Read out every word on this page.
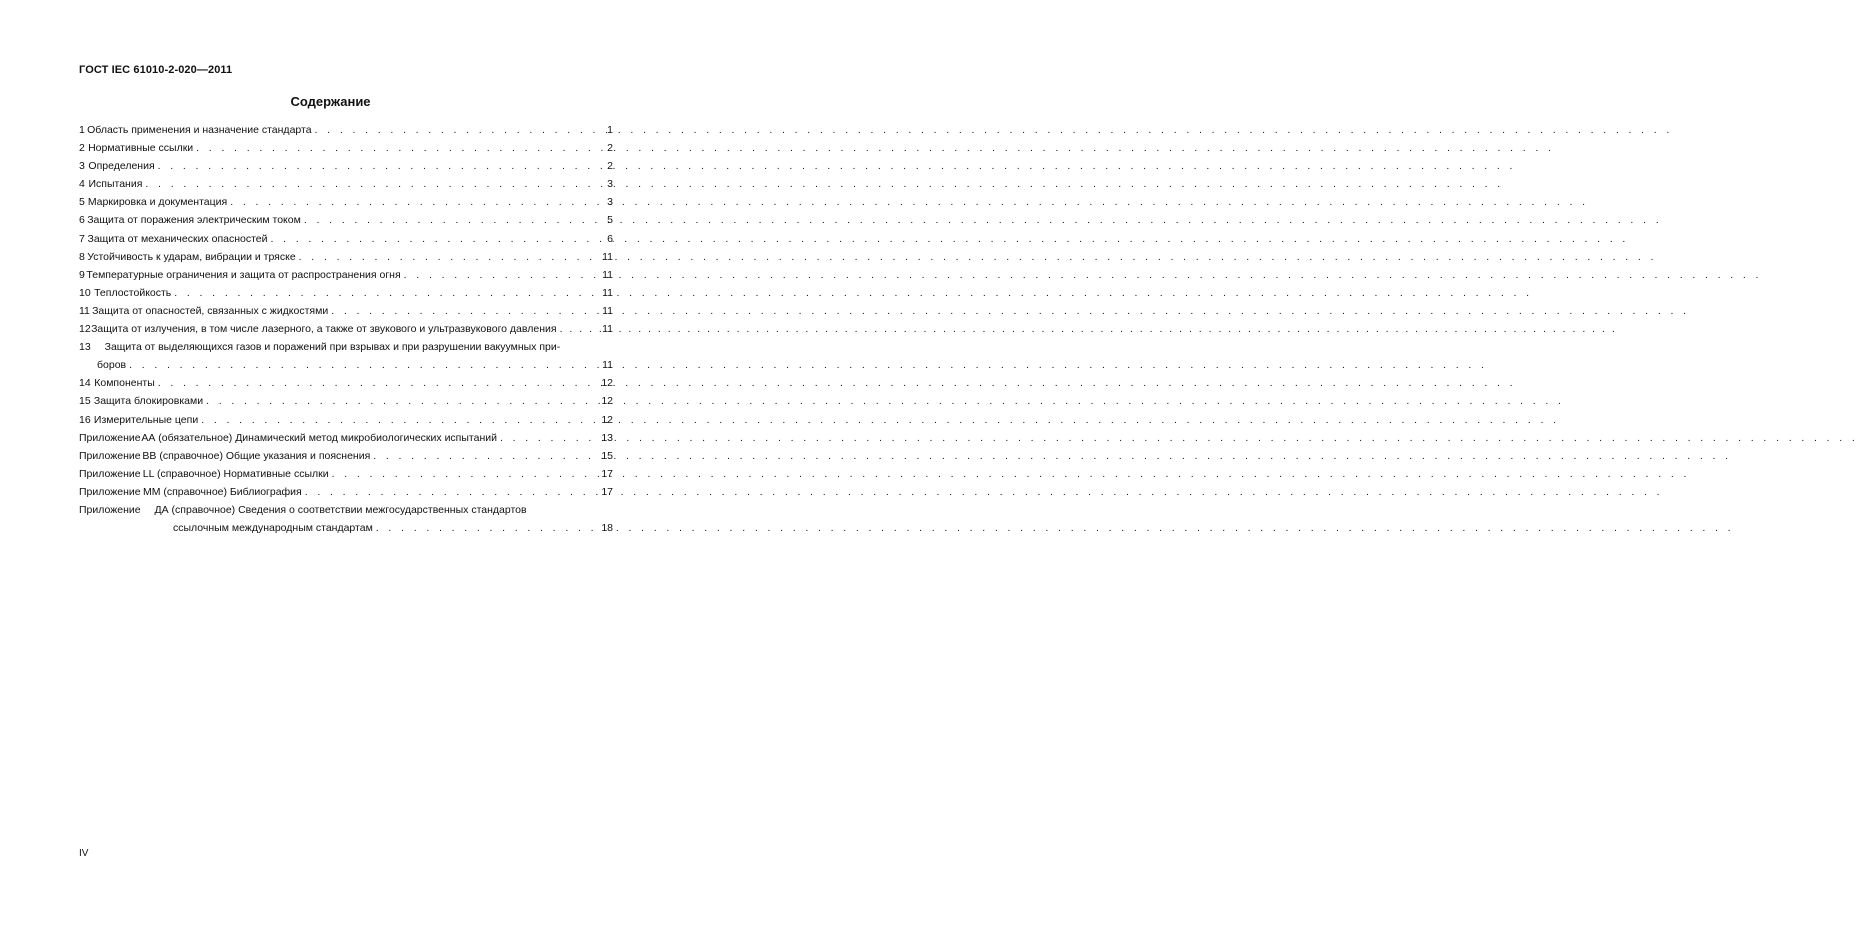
ГОСТ IEC 61010-2-020—2011
Содержание
1 Область применения и назначение стандарта . . .	1
2 Нормативные ссылки . . .	2
3 Определения . . .	2
4 Испытания . . .	3
5 Маркировка и документация . . .	3
6 Защита от поражения электрическим током . . .	5
7 Защита от механических опасностей . . .	6
8 Устойчивость к ударам, вибрации и тряске . . .	11
9 Температурные ограничения и защита от распространения огня . . .	11
10 Теплостойкость . . .	11
11 Защита от опасностей, связанных с жидкостями . . .	11
12 Защита от излучения, в том числе лазерного, а также от звукового и ультразвукового давления . . .	11
13 Защита от выделяющихся газов и поражений при взрывах и при разрушении вакуумных при-
боров . . .	11
14 Компоненты . . .	12
15 Защита блокировками . . .	12
16 Измерительные цепи . . .	12
Приложение АА (обязательное) Динамический метод микробиологических испытаний . . .	13
Приложение ВВ (справочное) Общие указания и пояснения . . .	15
Приложение LL (справочное) Нормативные ссылки . . .	17
Приложение ММ (справочное) Библиография . . .	17
Приложение ДА (справочное) Сведения о соответствии межгосударственных стандартов
ссылочным международным стандартам . . .	18
IV
